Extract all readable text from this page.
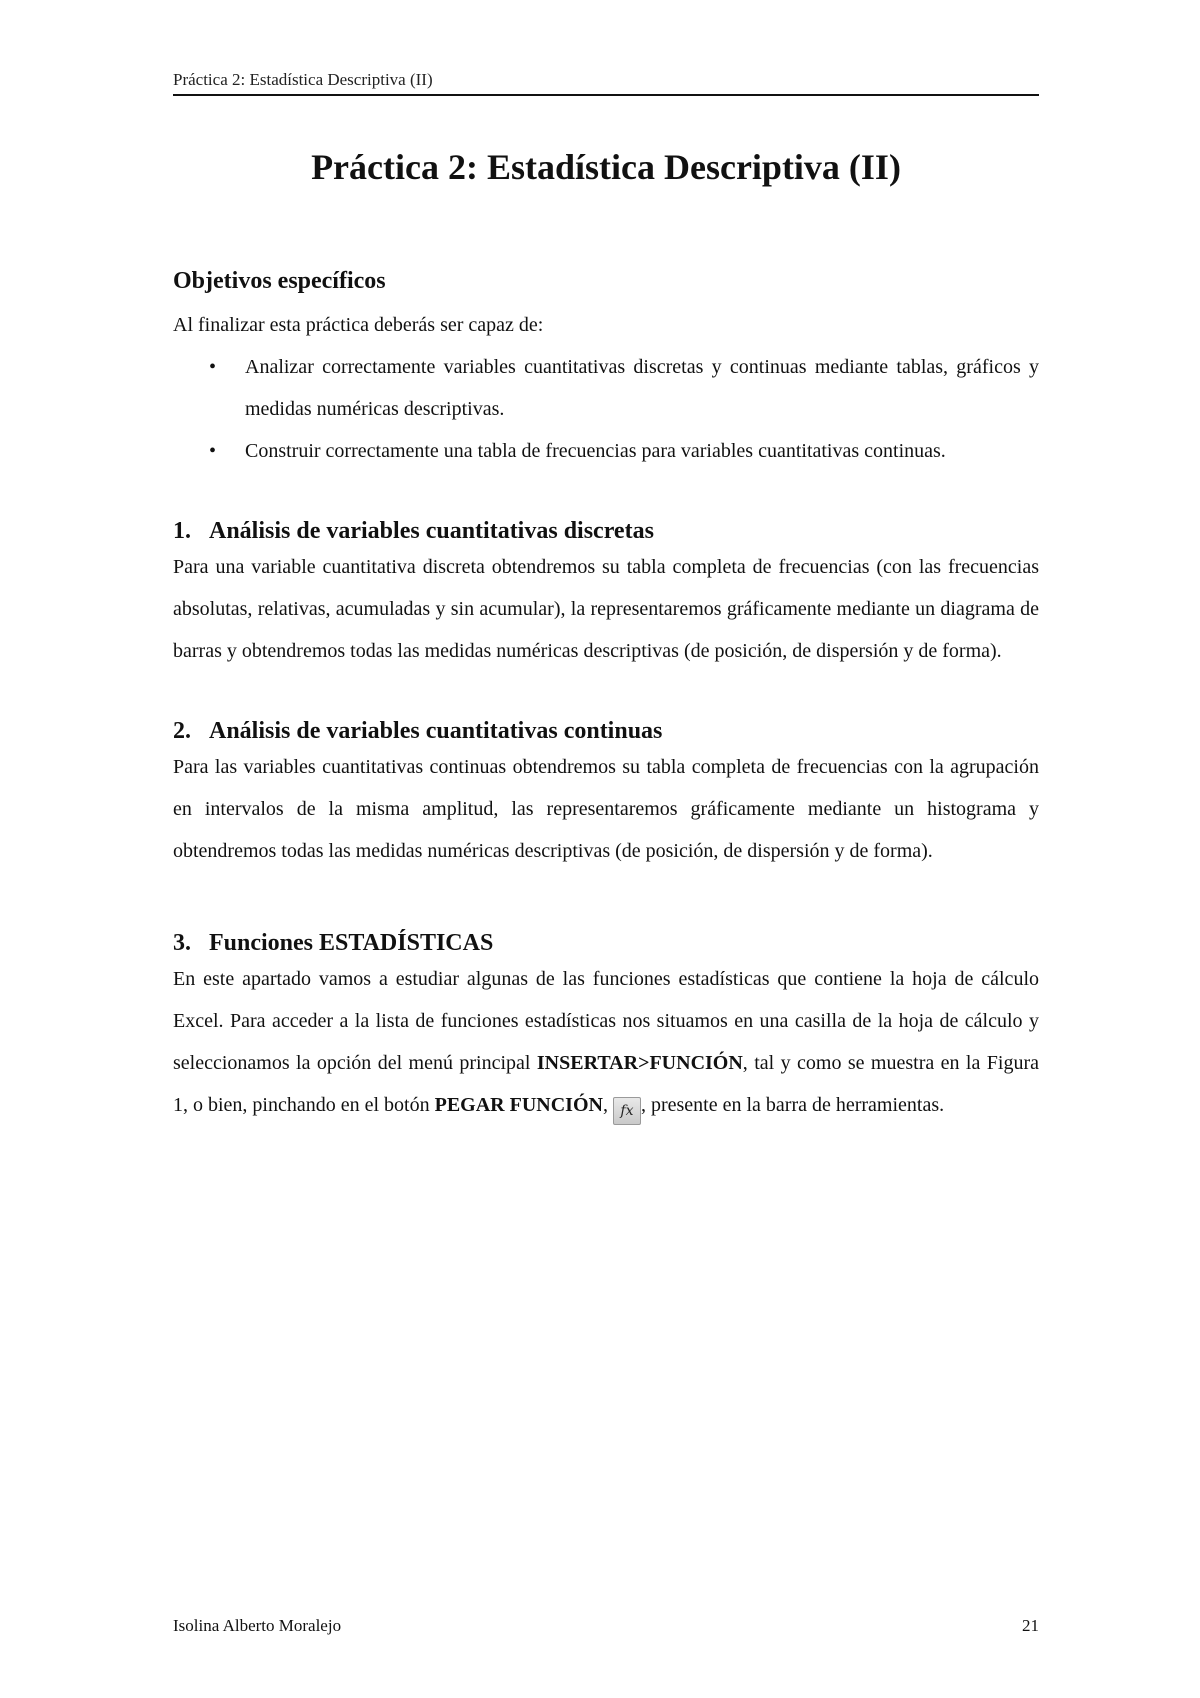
Práctica 2: Estadística Descriptiva (II)
Práctica 2: Estadística Descriptiva (II)
Objetivos específicos

Al finalizar esta práctica deberás ser capaz de:

• Analizar correctamente variables cuantitativas discretas y continuas mediante tablas, gráficos y medidas numéricas descriptivas.
• Construir correctamente una tabla de frecuencias para variables cuantitativas continuas.
1. Análisis de variables cuantitativas discretas

Para una variable cuantitativa discreta obtendremos su tabla completa de frecuencias (con las frecuencias absolutas, relativas, acumuladas y sin acumular), la representaremos gráficamente mediante un diagrama de barras y obtendremos todas las medidas numéricas descriptivas (de posición, de dispersión y de forma).

2. Análisis de variables cuantitativas continuas

Para las variables cuantitativas continuas obtendremos su tabla completa de frecuencias con la agrupación en intervalos de la misma amplitud, las representaremos gráficamente mediante un histograma y obtendremos todas las medidas numéricas descriptivas (de posición, de dispersión y de forma).

3. Funciones ESTADÍSTICAS

En este apartado vamos a estudiar algunas de las funciones estadísticas que contiene la hoja de cálculo Excel. Para acceder a la lista de funciones estadísticas nos situamos en una casilla de la hoja de cálculo y seleccionamos la opción del menú principal INSERTAR>FUNCIÓN, tal y como se muestra en la Figura 1, o bien, pinchando en el botón PEGAR FUNCIÓN, fx , presente en la barra de herramientas.

Isolina Alberto Moralejo	21
